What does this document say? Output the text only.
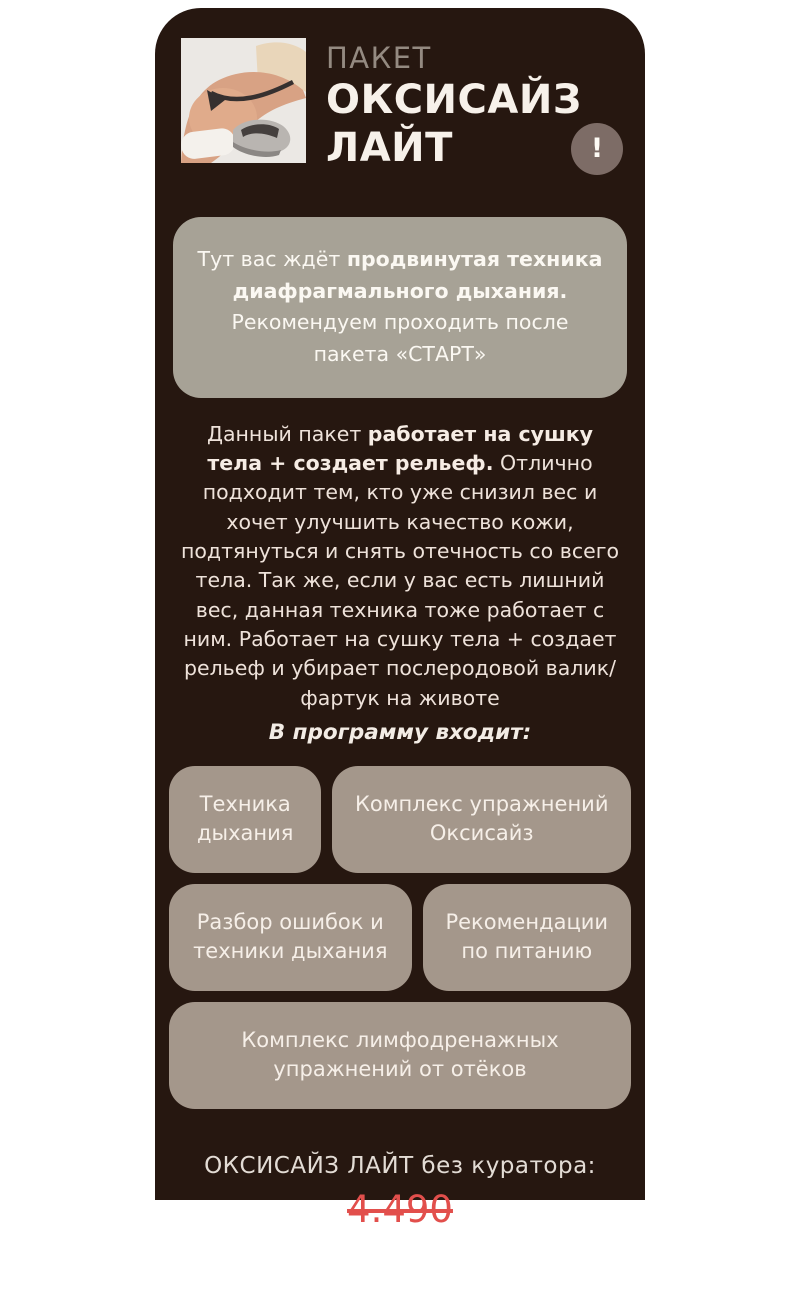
ПАКЕТ
ОКСИСАЙЗ
ЛАЙТ	!
Тут вас ждёт продвинутая техника диафрагмального дыхания. Рекомендуем проходить после пакета «СТАРТ»
Данный пакет работает на сушку тела + создает рельеф. Отлично подходит тем, кто уже снизил вес и хочет улучшить качество кожи, подтянуться и снять отечность со всего тела. Так же, если у вас есть лишний вес, данная техника тоже работает с ним. Работает на сушку тела + создает рельеф и убирает послеродовой валик/ фартук на животе
В программу входит:
Техника дыхания
Комплекс упражнений Оксисайз
Разбор ошибок и техники дыхания
Рекомендации по питанию
Комплекс лимфодренажных упражнений от отёков
ОКСИСАЙЗ ЛАЙТ без куратора:
4.490
3.510
